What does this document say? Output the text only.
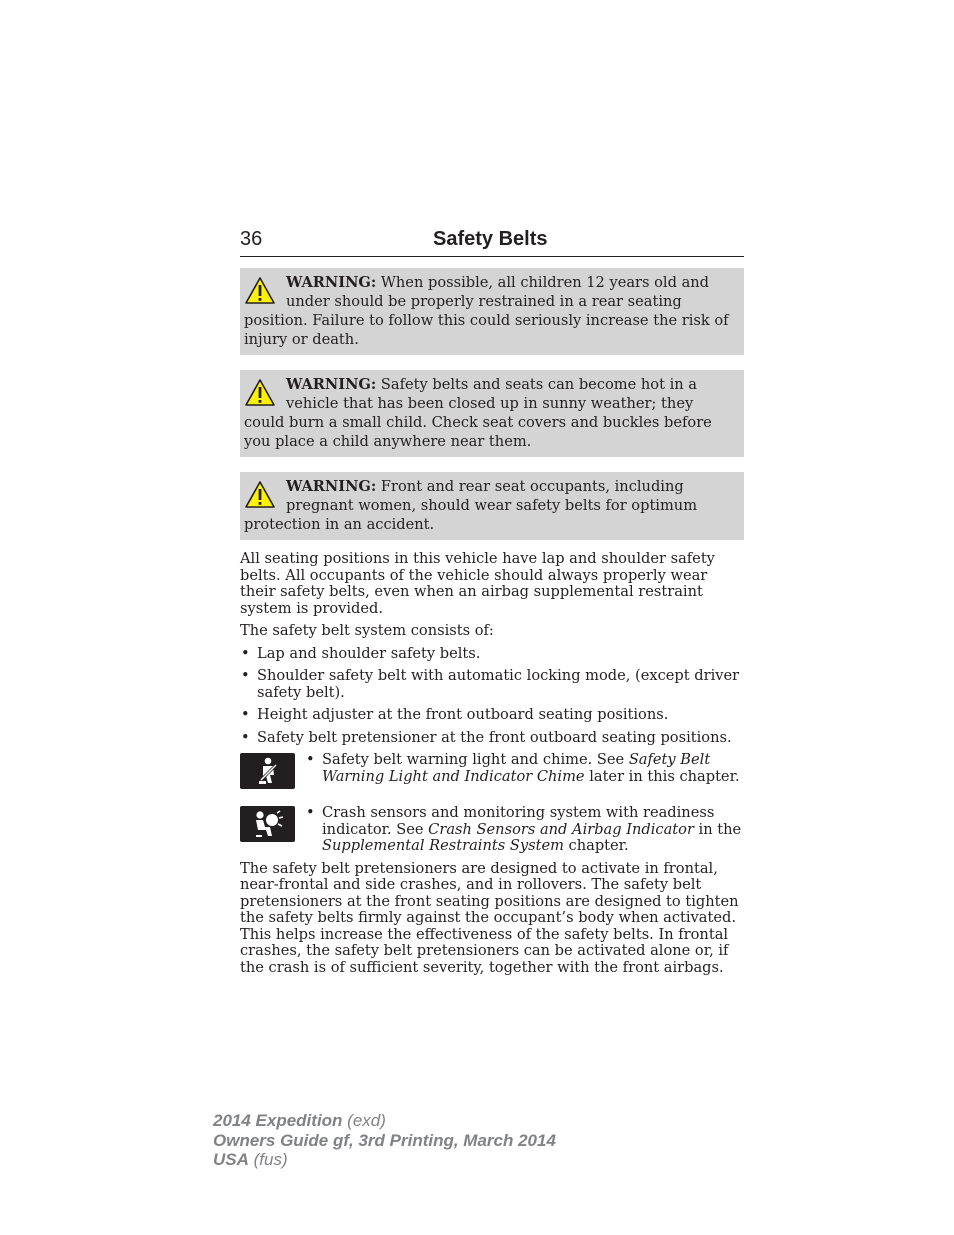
36	Safety Belts
WARNING: When possible, all children 12 years old and under should be properly restrained in a rear seating position. Failure to follow this could seriously increase the risk of injury or death.
WARNING: Safety belts and seats can become hot in a vehicle that has been closed up in sunny weather; they could burn a small child. Check seat covers and buckles before you place a child anywhere near them.
WARNING: Front and rear seat occupants, including pregnant women, should wear safety belts for optimum protection in an accident.

All seating positions in this vehicle have lap and shoulder safety belts. All occupants of the vehicle should always properly wear their safety belts, even when an airbag supplemental restraint system is provided.

The safety belt system consists of:

• Lap and shoulder safety belts.
• Shoulder safety belt with automatic locking mode, (except driver safety belt).
• Height adjuster at the front outboard seating positions.
• Safety belt pretensioner at the front outboard seating positions.
• Safety belt warning light and chime. See Safety Belt Warning Light and Indicator Chime later in this chapter.
• Crash sensors and monitoring system with readiness indicator. See Crash Sensors and Airbag Indicator in the Supplemental Restraints System chapter.

The safety belt pretensioners are designed to activate in frontal, near-frontal and side crashes, and in rollovers. The safety belt pretensioners at the front seating positions are designed to tighten the safety belts firmly against the occupant’s body when activated. This helps increase the effectiveness of the safety belts. In frontal crashes, the safety belt pretensioners can be activated alone or, if the crash is of sufficient severity, together with the front airbags.

2014 Expedition (exd)
Owners Guide gf, 3rd Printing, March 2014
USA (fus)
